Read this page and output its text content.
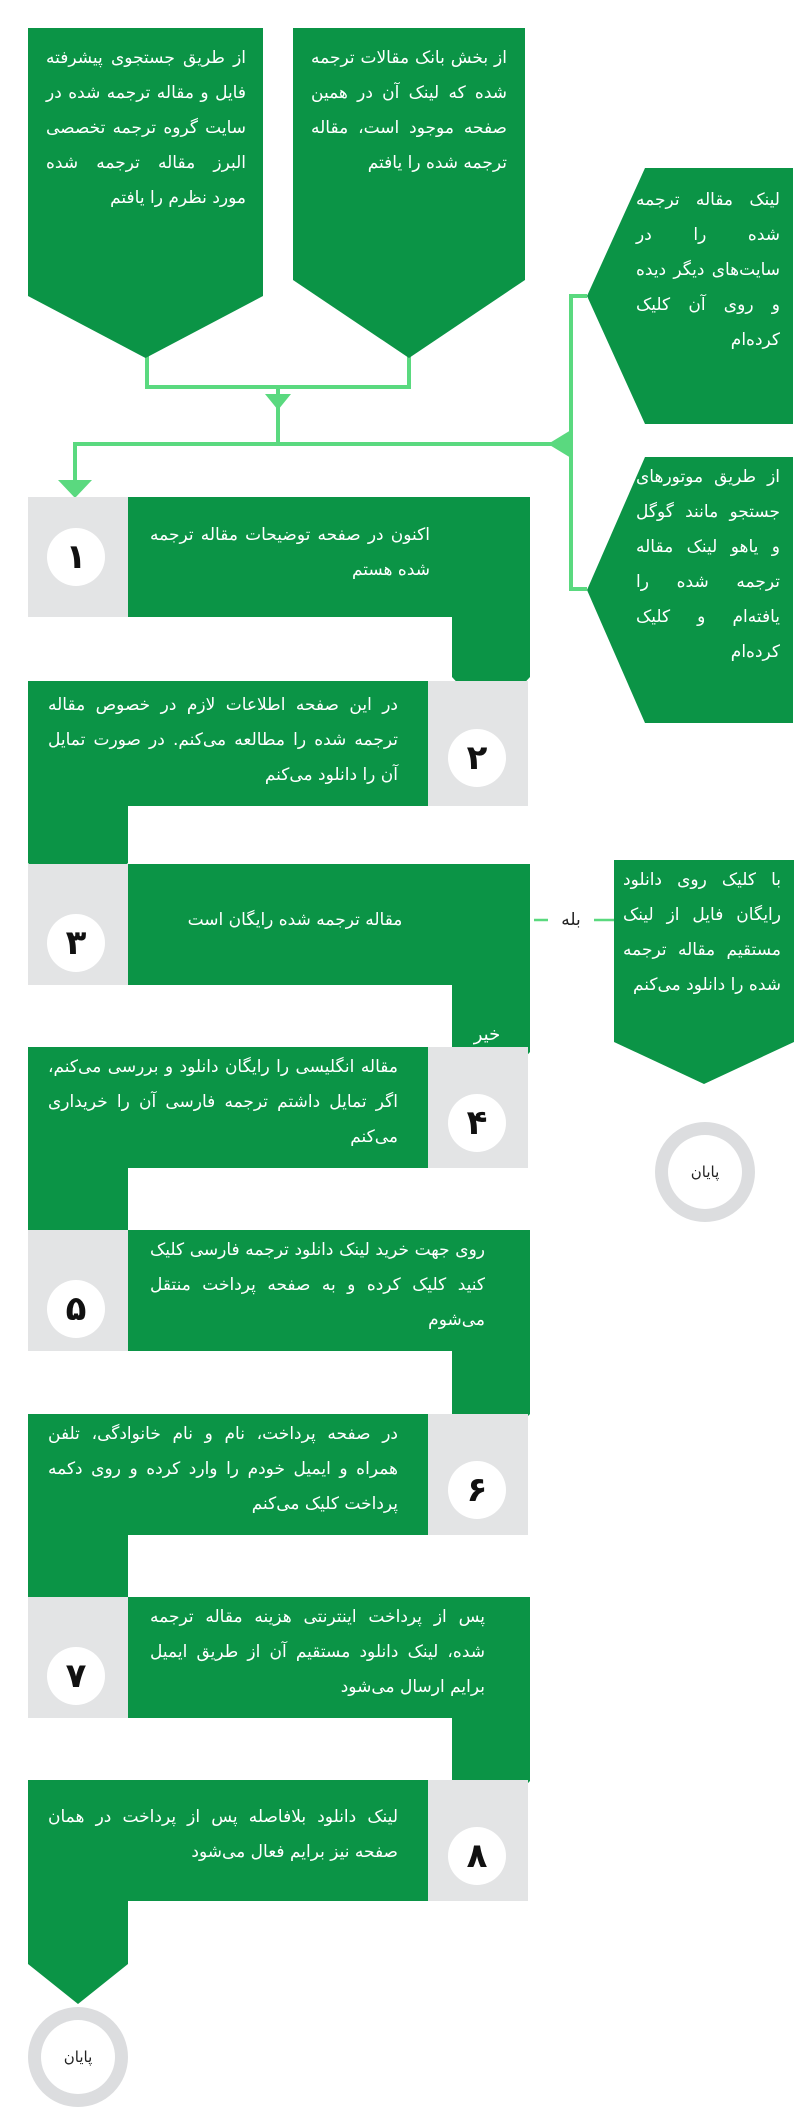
از طریق جستجوی پیشرفته فایل و مقاله ترجمه شده در سایت گروه ترجمه تخصصی البرز مقاله ترجمه شده مورد نظرم را یافتم
از بخش بانک مقالات ترجمه شده که لینک آن در همین صفحه موجود است، مقاله ترجمه شده را یافتم
لینک مقاله ترجمه شده را در سایت‌های دیگر دیده و روی آن کلیک کرده‌ام
از طریق موتورهای جستجو مانند گوگل و یاهو لینک مقاله ترجمه شده را یافته‌ام و کلیک کرده‌ام
۱
اکنون در صفحه توضیحات مقاله ترجمه شده هستم
۲
در این صفحه اطلاعات لازم در خصوص مقاله ترجمه شده را مطالعه می‌کنم. در صورت تمایل آن را دانلود می‌کنم
۳
مقاله ترجمه شده رایگان است	بله
خیر
با کلیک روی دانلود رایگان فایل از لینک مستقیم مقاله ترجمه شده را دانلود می‌کنم
پایان
۴
مقاله انگلیسی را رایگان دانلود و بررسی می‌کنم، اگر تمایل داشتم ترجمه فارسی آن را خریداری می‌کنم
۵
روی جهت خرید لینک دانلود ترجمه فارسی کلیک کنید کلیک کرده و به صفحه پرداخت منتقل می‌شوم
۶
در صفحه پرداخت، نام و نام خانوادگی، تلفن همراه و ایمیل خودم را وارد کرده و روی دکمه پرداخت کلیک می‌کنم
۷
پس از پرداخت اینترنتی هزینه مقاله ترجمه شده، لینک دانلود مستقیم آن از طریق ایمیل برایم ارسال می‌شود
۸
لینک دانلود بلافاصله پس از پرداخت در همان صفحه نیز برایم فعال می‌شود
پایان
